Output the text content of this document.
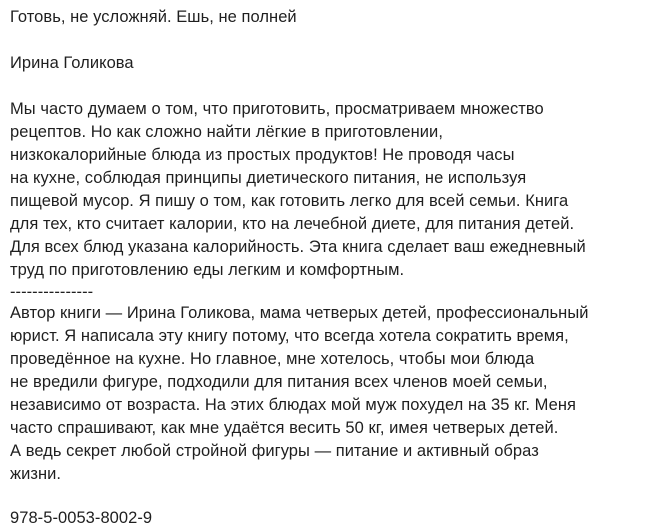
Готовь, не усложняй. Ешь, не полней
Ирина Голикова
Мы часто думаем о том, что приготовить, просматриваем множество
рецептов. Но как сложно найти лёгкие в приготовлении,
низкокалорийные блюда из простых продуктов! Не проводя часы
на кухне, соблюдая принципы диетического питания, не используя
пищевой мусор. Я пишу о том, как готовить легко для всей семьи. Книга
для тех, кто считает калории, кто на лечебной диете, для питания детей.
Для всех блюд указана калорийность. Эта книга сделает ваш ежедневный
труд по приготовлению еды легким и комфортным.
---------------
Автор книги — Ирина Голикова, мама четверых детей, профессиональный
юрист. Я написала эту книгу потому, что всегда хотела сократить время,
проведённое на кухне. Но главное, мне хотелось, чтобы мои блюда
не вредили фигуре, подходили для питания всех членов моей семьи,
независимо от возраста. На этих блюдах мой муж похудел на 35 кг. Меня
часто спрашивают, как мне удаётся весить 50 кг, имея четверых детей.
А ведь секрет любой стройной фигуры — питание и активный образ
жизни.
978-5-0053-8002-9
